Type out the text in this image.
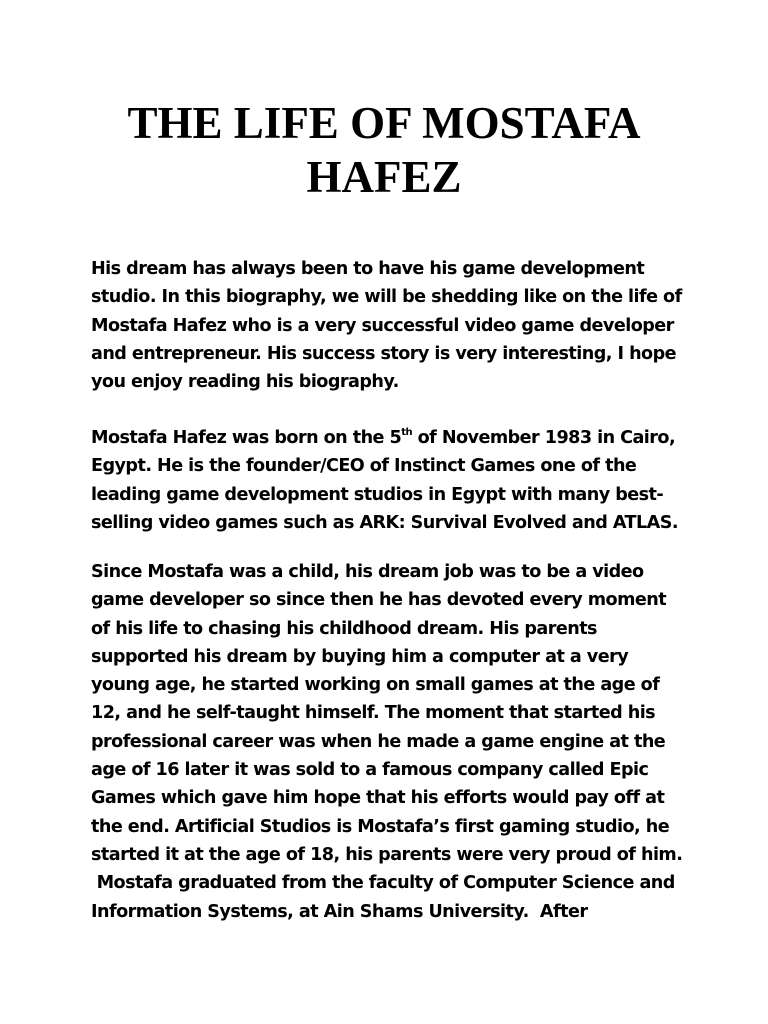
THE LIFE OF MOSTAFA HAFEZ

His dream has always been to have his game development
studio. In this biography, we will be shedding like on the life of
Mostafa Hafez who is a very successful video game developer
and entrepreneur. His success story is very interesting, I hope
you enjoy reading his biography.

Mostafa Hafez was born on the 5th of November 1983 in Cairo,
Egypt. He is the founder/CEO of Instinct Games one of the
leading game development studios in Egypt with many best-
selling video games such as ARK: Survival Evolved and ATLAS.

Since Mostafa was a child, his dream job was to be a video
game developer so since then he has devoted every moment
of his life to chasing his childhood dream. His parents
supported his dream by buying him a computer at a very
young age, he started working on small games at the age of
12, and he self-taught himself. The moment that started his
professional career was when he made a game engine at the
age of 16 later it was sold to a famous company called Epic
Games which gave him hope that his efforts would pay off at
the end. Artificial Studios is Mostafa’s first gaming studio, he
started it at the age of 18, his parents were very proud of him.
Mostafa graduated from the faculty of Computer Science and
Information Systems, at Ain Shams University.  After
